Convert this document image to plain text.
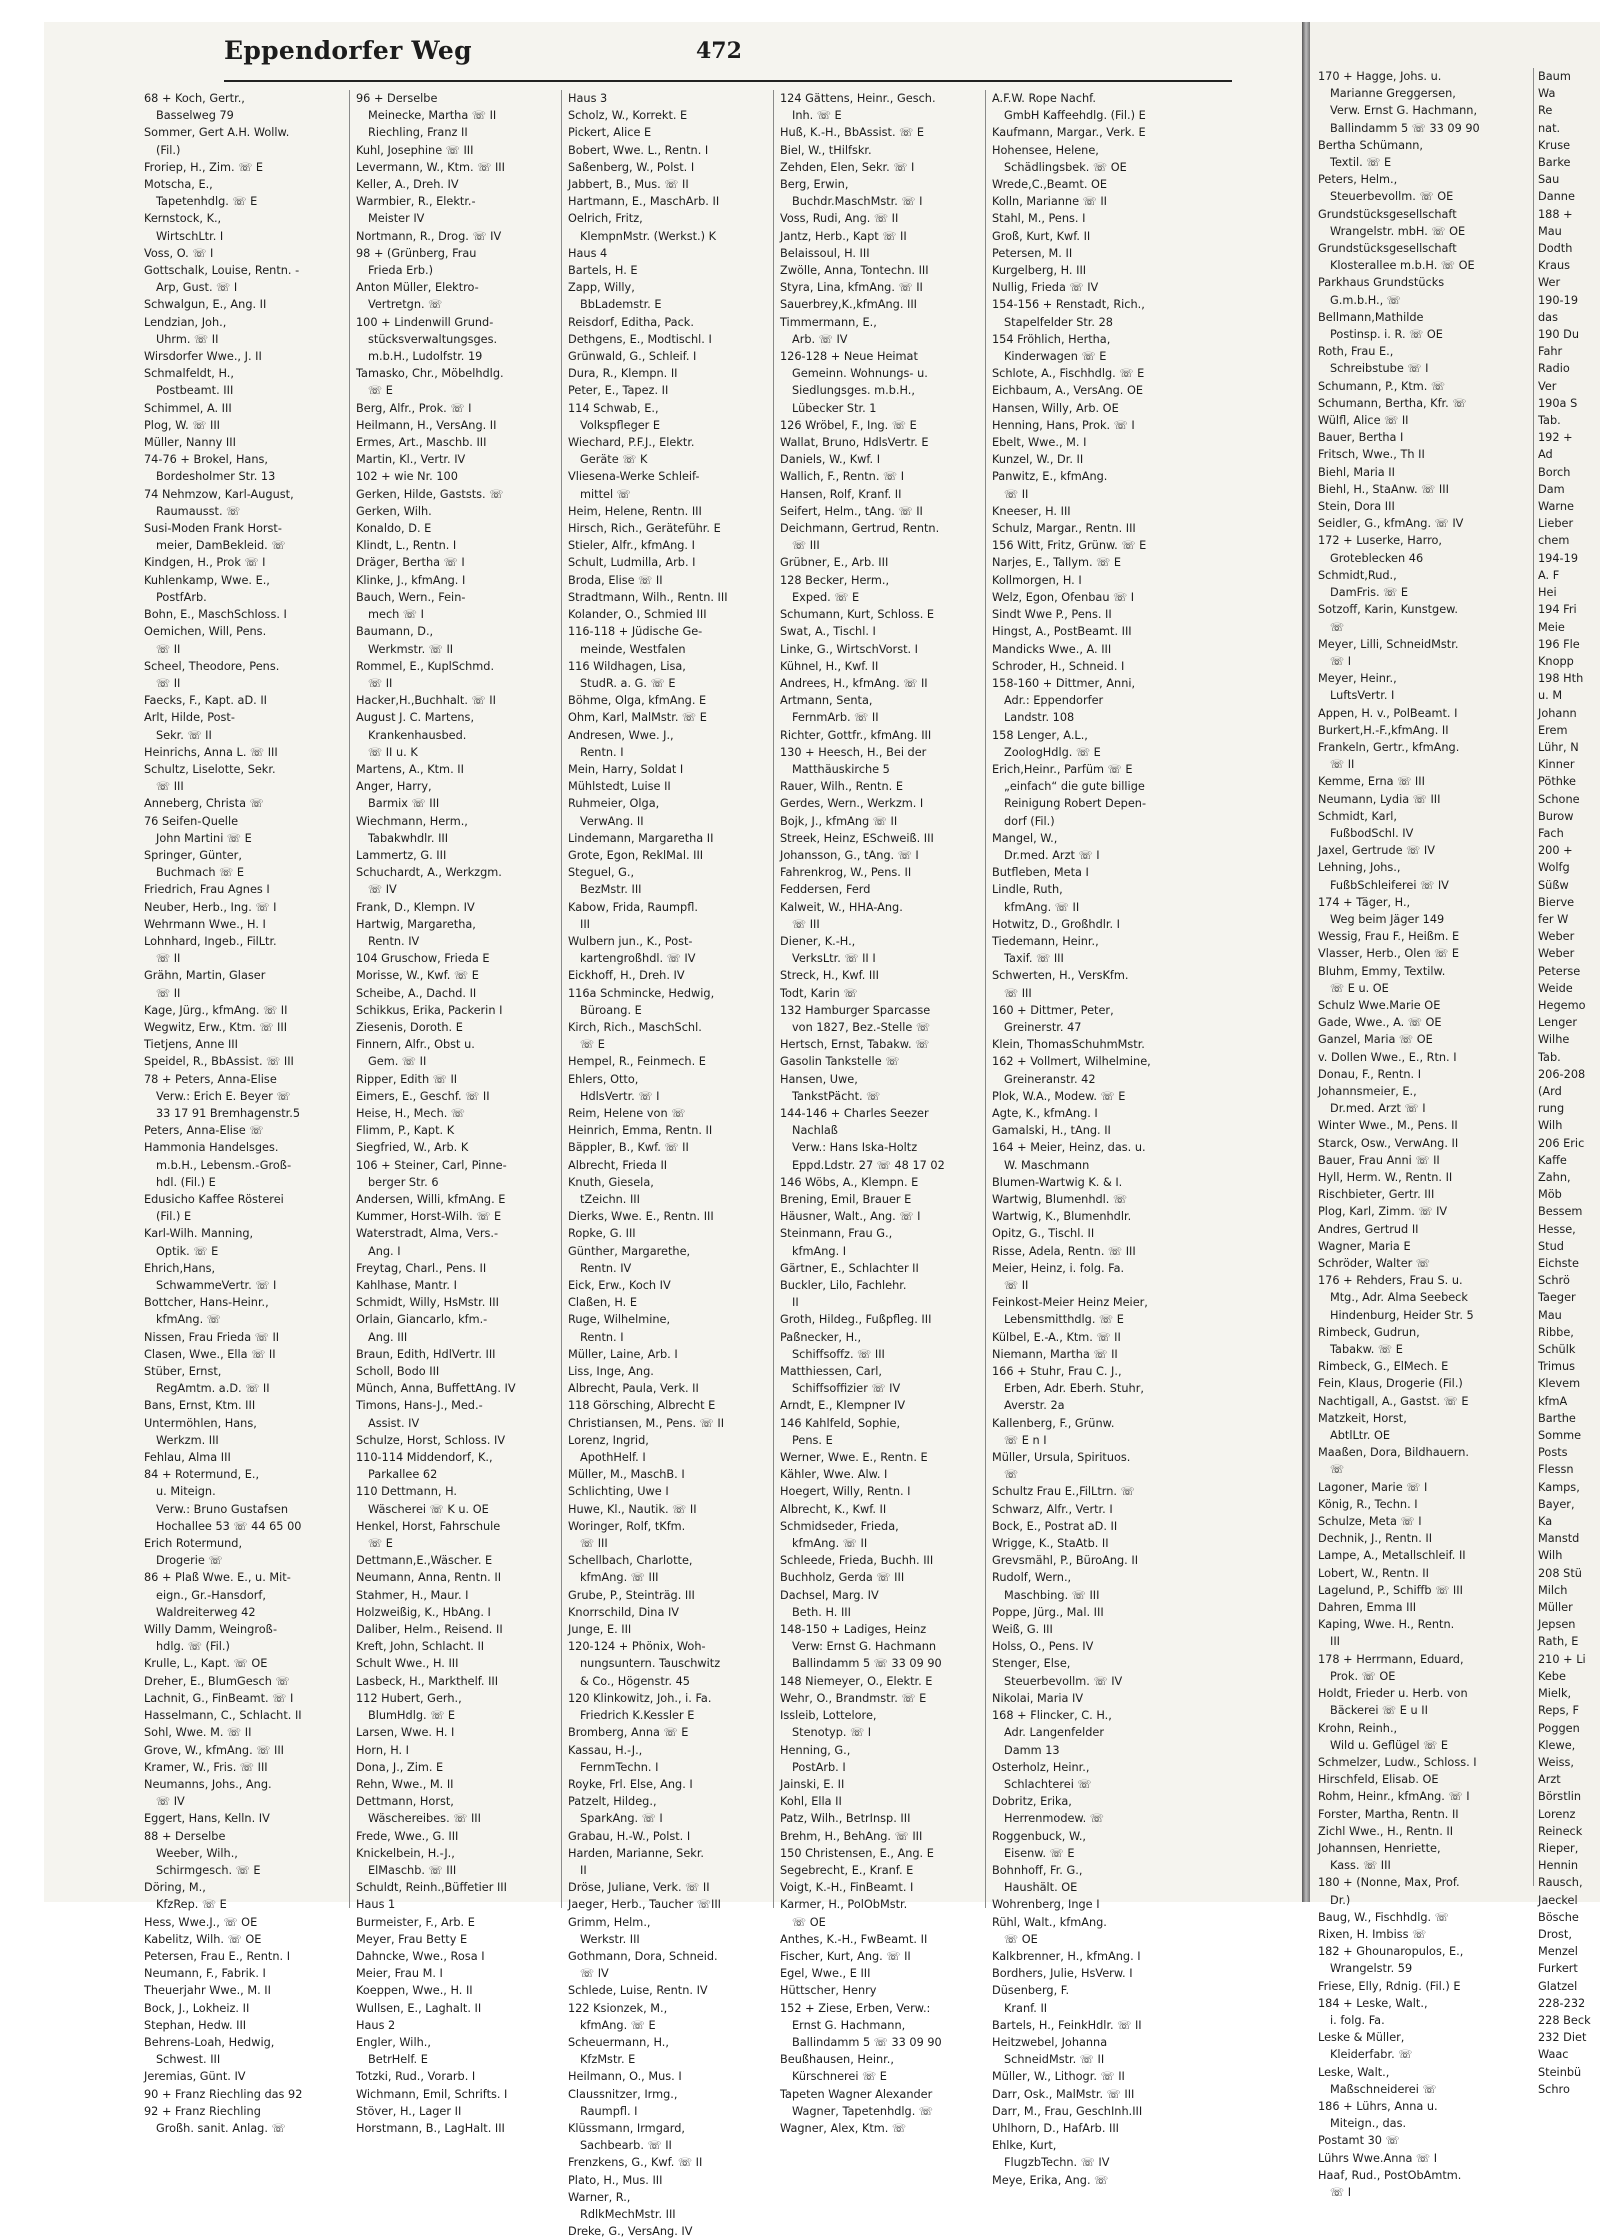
Eppendorfer Weg	472
68 + Koch, Gertr.,
Basselweg 79
Sommer, Gert A.H. Wollw.
(Fil.)
Froriep, H., Zim. ☏ E
Motscha, E.,
Tapetenhdlg. ☏ E
Kernstock, K.,
WirtschLtr. I
Voss, O. ☏ I
Gottschalk, Louise, Rentn. -
Arp, Gust. ☏ I
Schwalgun, E., Ang. II
Lendzian, Joh.,
Uhrm. ☏ II
Wirsdorfer Wwe., J. II
Schmalfeldt, H.,
Postbeamt. III
Schimmel, A. III
Plog, W. ☏ III
Müller, Nanny III
74-76 + Brokel, Hans,
Bordesholmer Str. 13
74 Nehmzow, Karl-August,
Raumausst. ☏
Susi-Moden Frank Horst-
meier, DamBekleid. ☏
Kindgen, H., Prok ☏ I
Kuhlenkamp, Wwe. E.,
PostfArb.
Bohn, E., MaschSchloss. I
Oemichen, Will, Pens.
☏ II
Scheel, Theodore, Pens.
☏ II
Faecks, F., Kapt. aD. II
Arlt, Hilde, Post-
Sekr. ☏ II
Heinrichs, Anna L. ☏ III
Schultz, Liselotte, Sekr.
☏ III
Anneberg, Christa ☏
76 Seifen-Quelle
John Martini ☏ E
Springer, Günter,
Buchmach ☏ E
Friedrich, Frau Agnes I
Neuber, Herb., Ing. ☏ I
Wehrmann Wwe., H. I
Lohnhard, Ingeb., FilLtr.
☏ II
Grähn, Martin, Glaser
☏ II
Kage, Jürg., kfmAng. ☏ II
Wegwitz, Erw., Ktm. ☏ III
Tietjens, Anne III
Speidel, R., BbAssist. ☏ III
78 + Peters, Anna-Elise
Verw.: Erich E. Beyer ☏
33 17 91 Bremhagenstr.5
Peters, Anna-Elise ☏
Hammonia Handelsges.
m.b.H., Lebensm.-Groß-
hdl. (Fil.) E
Edusicho Kaffee Rösterei
(Fil.) E
Karl-Wilh. Manning,
Optik. ☏ E
Ehrich,Hans,
SchwammeVertr. ☏ I
Bottcher, Hans-Heinr.,
kfmAng. ☏
Nissen, Frau Frieda ☏ II
Clasen, Wwe., Ella ☏ II
Stüber, Ernst,
RegAmtm. a.D. ☏ II
Bans, Ernst, Ktm. III
Untermöhlen, Hans,
Werkzm. III
Fehlau, Alma III
84 + Rotermund, E.,
u. Miteign.
Verw.: Bruno Gustafsen
Hochallee 53 ☏ 44 65 00
Erich Rotermund,
Drogerie ☏
86 + Plaß Wwe. E., u. Mit-
eign., Gr.-Hansdorf,
Waldreiterweg 42
Willy Damm, Weingroß-
hdlg. ☏ (Fil.)
Krulle, L., Kapt. ☏ OE
Dreher, E., BlumGesch ☏
Lachnit, G., FinBeamt. ☏ I
Hasselmann, C., Schlacht. II
Sohl, Wwe. M. ☏ II
Grove, W., kfmAng. ☏ III
Kramer, W., Fris. ☏ III
Neumanns, Johs., Ang.
☏ IV
Eggert, Hans, Kelln. IV
88 + Derselbe
Weeber, Wilh.,
Schirmgesch. ☏ E
Döring, M.,
KfzRep. ☏ E
Hess, Wwe.J., ☏ OE
Kabelitz, Wilh. ☏ OE
Petersen, Frau E., Rentn. I
Neumann, F., Fabrik. I
Theuerjahr Wwe., M. II
Bock, J., Lokheiz. II
Stephan, Hedw. III
Behrens-Loah, Hedwig,
Schwest. III
Jeremias, Günt. IV
90 + Franz Riechling das 92
92 + Franz Riechling
Großh. sanit. Anlag. ☏
96 + Derselbe
Meinecke, Martha ☏ II
Riechling, Franz II
Kuhl, Josephine ☏ III
Levermann, W., Ktm. ☏ III
Keller, A., Dreh. IV
Warmbier, R., Elektr.-
Meister IV
Nortmann, R., Drog. ☏ IV
98 + (Grünberg, Frau
Frieda Erb.)
Anton Müller, Elektro-
Vertretgn. ☏
100 + Lindenwill Grund-
stücksverwaltungsges.
m.b.H., Ludolfstr. 19
Tamasko, Chr., Möbelhdlg.
☏ E
Berg, Alfr., Prok. ☏ I
Heilmann, H., VersAng. II
Ermes, Art., Maschb. III
Martin, Kl., Vertr. IV
102 + wie Nr. 100
Gerken, Hilde, Gaststs. ☏
Gerken, Wilh.
Konaldo, D. E
Klindt, L., Rentn. I
Dräger, Bertha ☏ I
Klinke, J., kfmAng. I
Bauch, Wern., Fein-
mech ☏ I
Baumann, D.,
Werkmstr. ☏ II
Rommel, E., KuplSchmd.
☏ II
Hacker,H.,Buchhalt. ☏ II
August J. C. Martens,
Krankenhausbed.
☏ II u. K
Martens, A., Ktm. II
Anger, Harry,
Barmix ☏ III
Wiechmann, Herm.,
Tabakwhdlr. III
Lammertz, G. III
Schuchardt, A., Werkzgm.
☏ IV
Frank, D., Klempn. IV
Hartwig, Margaretha,
Rentn. IV
104 Gruschow, Frieda E
Morisse, W., Kwf. ☏ E
Scheibe, A., Dachd. II
Schikkus, Erika, Packerin I
Ziesenis, Doroth. E
Finnern, Alfr., Obst u.
Gem. ☏ II
Ripper, Edith ☏ II
Eimers, E., Geschf. ☏ II
Heise, H., Mech. ☏
Flimm, P., Kapt. K
Siegfried, W., Arb. K
106 + Steiner, Carl, Pinne-
berger Str. 6
Andersen, Willi, kfmAng. E
Kummer, Horst-Wilh. ☏ E
Waterstradt, Alma, Vers.-
Ang. I
Freytag, Charl., Pens. II
Kahlhase, Mantr. I
Schmidt, Willy, HsMstr. III
Orlain, Giancarlo, kfm.-
Ang. III
Braun, Edith, HdlVertr. III
Scholl, Bodo III
Münch, Anna, BuffettAng. IV
Timons, Hans-J., Med.-
Assist. IV
Schulze, Horst, Schloss. IV
110-114 Middendorf, K.,
Parkallee 62
110 Dettmann, H.
Wäscherei ☏ K u. OE
Henkel, Horst, Fahrschule
☏ E
Dettmann,E.,Wäscher. E
Neumann, Anna, Rentn. II
Stahmer, H., Maur. I
Holzweißig, K., HbAng. I
Daliber, Helm., Reisend. II
Kreft, John, Schlacht. II
Schult Wwe., H. III
Lasbeck, H., Markthelf. III
112 Hubert, Gerh.,
BlumHdlg. ☏ E
Larsen, Wwe. H. I
Horn, H. I
Dona, J., Zim. E
Rehn, Wwe., M. II
Dettmann, Horst,
Wäschereibes. ☏ III
Frede, Wwe., G. III
Knickelbein, H.-J.,
ElMaschb. ☏ III
Schuldt, Reinh.,Büffetier III
Haus 1
Burmeister, F., Arb. E
Meyer, Frau Betty E
Dahncke, Wwe., Rosa I
Meier, Frau M. I
Koeppen, Wwe., H. II
Wullsen, E., Laghalt. II
Haus 2
Engler, Wilh.,
BetrHelf. E
Totzki, Rud., Vorarb. I
Wichmann, Emil, Schrifts. I
Stöver, H., Lager II
Horstmann, B., LagHalt. III
Haus 3
Scholz, W., Korrekt. E
Pickert, Alice E
Bobert, Wwe. L., Rentn. I
Saßenberg, W., Polst. I
Jabbert, B., Mus. ☏ II
Hartmann, E., MaschArb. II
Oelrich, Fritz,
KlempnMstr. (Werkst.) K
Haus 4
Bartels, H. E
Zapp, Willy,
BbLademstr. E
Reisdorf, Editha, Pack.
Dethgens, E., Modtischl. I
Grünwald, G., Schleif. I
Dura, R., Klempn. II
Peter, E., Tapez. II
114 Schwab, E.,
Volkspfleger E
Wiechard, P.F.J., Elektr.
Geräte ☏ K
Vliesena-Werke Schleif-
mittel ☏
Heim, Helene, Rentn. III
Hirsch, Rich., Geräteführ. E
Stieler, Alfr., kfmAng. I
Schult, Ludmilla, Arb. I
Broda, Elise ☏ II
Stradtmann, Wilh., Rentn. III
Kolander, O., Schmied III
116-118 + Jüdische Ge-
meinde, Westfalen
116 Wildhagen, Lisa,
StudR. a. G. ☏ E
Böhme, Olga, kfmAng. E
Ohm, Karl, MalMstr. ☏ E
Andresen, Wwe. J.,
Rentn. I
Mein, Harry, Soldat I
Mühlstedt, Luise II
Ruhmeier, Olga,
VerwAng. II
Lindemann, Margaretha II
Grote, Egon, ReklMal. III
Steguel, G.,
BezMstr. III
Kabow, Frida, Raumpfl.
III
Wulbern jun., K., Post-
kartengroßhdl. ☏ IV
Eickhoff, H., Dreh. IV
116a Schmincke, Hedwig,
Büroang. E
Kirch, Rich., MaschSchl.
☏ E
Hempel, R., Feinmech. E
Ehlers, Otto,
HdlsVertr. ☏ I
Reim, Helene von ☏
Heinrich, Emma, Rentn. II
Bäppler, B., Kwf. ☏ II
Albrecht, Frieda II
Knuth, Giesela,
tZeichn. III
Dierks, Wwe. E., Rentn. III
Ropke, G. III
Günther, Margarethe,
Rentn. IV
Eick, Erw., Koch IV
Claßen, H. E
Ruge, Wilhelmine,
Rentn. I
Müller, Laine, Arb. I
Liss, Inge, Ang.
Albrecht, Paula, Verk. II
118 Görsching, Albrecht E
Christiansen, M., Pens. ☏ II
Lorenz, Ingrid,
ApothHelf. I
Müller, M., MaschB. I
Schlichting, Uwe I
Huwe, Kl., Nautik. ☏ II
Woringer, Rolf, tKfm.
☏ III
Schellbach, Charlotte,
kfmAng. ☏ III
Grube, P., Steinträg. III
Knorrschild, Dina IV
Junge, E. III
120-124 + Phönix, Woh-
nungsuntern. Tauschwitz
& Co., Högenstr. 45
120 Klinkowitz, Joh., i. Fa.
Friedrich K.Kessler E
Bromberg, Anna ☏ E
Kassau, H.-J.,
FernmTechn. I
Royke, Frl. Else, Ang. I
Patzelt, Hildeg.,
SparkAng. ☏ I
Grabau, H.-W., Polst. I
Harden, Marianne, Sekr.
II
Dröse, Juliane, Verk. ☏ II
Jaeger, Herb., Taucher ☏III
Grimm, Helm.,
Werkstr. III
Gothmann, Dora, Schneid.
☏ IV
Schlede, Luise, Rentn. IV
122 Ksionzek, M.,
kfmAng. ☏ E
Scheuermann, H.,
KfzMstr. E
Heilmann, O., Mus. I
Claussnitzer, Irmg.,
Raumpfl. I
Klüssmann, Irmgard,
Sachbearb. ☏ II
Frenzkens, G., Kwf. ☏ II
Plato, H., Mus. III
Warner, R.,
RdlkMechMstr. III
Dreke, G., VersAng. IV
124 Gättens, Heinr., Gesch.
Inh. ☏ E
Huß, K.-H., BbAssist. ☏ E
Biel, W., tHilfskr.
Zehden, Elen, Sekr. ☏ I
Berg, Erwin,
Buchdr.MaschMstr. ☏ I
Voss, Rudi, Ang. ☏ II
Jantz, Herb., Kapt ☏ II
Belaissoul, H. III
Zwölle, Anna, Tontechn. III
Styra, Lina, kfmAng. ☏ II
Sauerbrey,K.,kfmAng. III
Timmermann, E.,
Arb. ☏ IV
126-128 + Neue Heimat
Gemeinn. Wohnungs- u.
Siedlungsges. m.b.H.,
Lübecker Str. 1
126 Wröbel, F., Ing. ☏ E
Wallat, Bruno, HdlsVertr. E
Daniels, W., Kwf. I
Wallich, F., Rentn. ☏ I
Hansen, Rolf, Kranf. II
Seifert, Helm., tAng. ☏ II
Deichmann, Gertrud, Rentn.
☏ III
Grübner, E., Arb. III
128 Becker, Herm.,
Exped. ☏ E
Schumann, Kurt, Schloss. E
Swat, A., Tischl. I
Linke, G., WirtschVorst. I
Kühnel, H., Kwf. II
Andrees, H., kfmAng. ☏ II
Artmann, Senta,
FernmArb. ☏ II
Richter, Gottfr., kfmAng. III
130 + Heesch, H., Bei der
Matthäuskirche 5
Rauer, Wilh., Rentn. E
Gerdes, Wern., Werkzm. I
Bojk, J., kfmAng ☏ II
Streek, Heinz, ESchweiß. III
Johansson, G., tAng. ☏ I
Fahrenkrog, W., Pens. II
Feddersen, Ferd
Kalweit, W., HHA-Ang.
☏ III
Diener, K.-H.,
VerksLtr. ☏ II I
Streck, H., Kwf. III
Todt, Karin ☏
132 Hamburger Sparcasse
von 1827, Bez.-Stelle ☏
Hertsch, Ernst, Tabakw. ☏
Gasolin Tankstelle ☏
Hansen, Uwe,
TankstPächt. ☏
144-146 + Charles Seezer
Nachlaß
Verw.: Hans Iska-Holtz
Eppd.Ldstr. 27 ☏ 48 17 02
146 Wöbs, A., Klempn. E
Brening, Emil, Brauer E
Häusner, Walt., Ang. ☏ I
Steinmann, Frau G.,
kfmAng. I
Gärtner, E., Schlachter II
Buckler, Lilo, Fachlehr.
II
Groth, Hildeg., Fußpfleg. III
Paßnecker, H.,
Schiffsoffz. ☏ III
Matthiessen, Carl,
Schiffsoffizier ☏ IV
Arndt, E., Klempner IV
146 Kahlfeld, Sophie,
Pens. E
Werner, Wwe. E., Rentn. E
Kähler, Wwe. Alw. I
Hoegert, Willy, Rentn. I
Albrecht, K., Kwf. II
Schmidseder, Frieda,
kfmAng. ☏ II
Schleede, Frieda, Buchh. III
Buchholz, Gerda ☏ III
Dachsel, Marg. IV
Beth. H. III
148-150 + Ladiges, Heinz
Verw: Ernst G. Hachmann
Ballindamm 5 ☏ 33 09 90
148 Niemeyer, O., Elektr. E
Wehr, O., Brandmstr. ☏ E
Issleib, Lottelore,
Stenotyp. ☏ I
Henning, G.,
PostArb. I
Jainski, E. II
Kohl, Ella II
Patz, Wilh., BetrInsp. III
Brehm, H., BehAng. ☏ III
150 Christensen, E., Ang. E
Segebrecht, E., Kranf. E
Voigt, K.-H., FinBeamt. I
Karmer, H., PolObMstr.
☏ OE
Anthes, K.-H., FwBeamt. II
Fischer, Kurt, Ang. ☏ II
Egel, Wwe., E III
Hüttscher, Henry
152 + Ziese, Erben, Verw.:
Ernst G. Hachmann,
Ballindamm 5 ☏ 33 09 90
Beußhausen, Heinr.,
Kürschnerei ☏ E
Tapeten Wagner Alexander
Wagner, Tapetenhdlg. ☏
Wagner, Alex, Ktm. ☏
A.F.W. Rope Nachf.
GmbH Kaffeehdlg. (Fil.) E
Kaufmann, Margar., Verk. E
Hohensee, Helene,
Schädlingsbek. ☏ OE
Wrede,C.,Beamt. OE
Kolln, Marianne ☏ II
Stahl, M., Pens. I
Groß, Kurt, Kwf. II
Petersen, M. II
Kurgelberg, H. III
Nullig, Frieda ☏ IV
154-156 + Renstadt, Rich.,
Stapelfelder Str. 28
154 Fröhlich, Hertha,
Kinderwagen ☏ E
Schlote, A., Fischhdlg. ☏ E
Eichbaum, A., VersAng. OE
Hansen, Willy, Arb. OE
Henning, Hans, Prok. ☏ I
Ebelt, Wwe., M. I
Kunzel, W., Dr. II
Panwitz, E., kfmAng.
☏ II
Kneeser, H. III
Schulz, Margar., Rentn. III
156 Witt, Fritz, Grünw. ☏ E
Narjes, E., Tallym. ☏ E
Kollmorgen, H. I
Welz, Egon, Ofenbau ☏ I
Sindt Wwe P., Pens. II
Hingst, A., PostBeamt. III
Mandicks Wwe., A. III
Schroder, H., Schneid. I
158-160 + Dittmer, Anni,
Adr.: Eppendorfer
Landstr. 108
158 Lenger, A.L.,
ZoologHdlg. ☏ E
Erich,Heinr., Parfüm ☏ E
„einfach“ die gute billige
Reinigung Robert Depen-
dorf (Fil.)
Mangel, W.,
Dr.med. Arzt ☏ I
Butfleben, Meta I
Lindle, Ruth,
kfmAng. ☏ II
Hotwitz, D., Großhdlr. I
Tiedemann, Heinr.,
Taxif. ☏ III
Schwerten, H., VersKfm.
☏ III
160 + Dittmer, Peter,
Greinerstr. 47
Klein, ThomasSchuhmMstr.
162 + Vollmert, Wilhelmine,
Greineranstr. 42
Plok, W.A., Modew. ☏ E
Agte, K., kfmAng. I
Gamalski, H., tAng. II
164 + Meier, Heinz, das. u.
W. Maschmann
Blumen-Wartwig K. & I.
Wartwig, Blumenhdl. ☏
Wartwig, K., Blumenhdlr.
Opitz, G., Tischl. II
Risse, Adela, Rentn. ☏ III
Meier, Heinz, i. folg. Fa.
☏ II
Feinkost-Meier Heinz Meier,
Lebensmitthdlg. ☏ E
Külbel, E.-A., Ktm. ☏ II
Niemann, Martha ☏ II
166 + Stuhr, Frau C. J.,
Erben, Adr. Eberh. Stuhr,
Averstr. 2a
Kallenberg, F., Grünw.
☏ E n I
Müller, Ursula, Spirituos.
☏
Schultz Frau E.,FilLtrn. ☏
Schwarz, Alfr., Vertr. I
Bock, E., Postrat aD. II
Wrigge, K., StaAtb. II
Grevsmähl, P., BüroAng. II
Rudolf, Wern.,
Maschbing. ☏ III
Poppe, Jürg., Mal. III
Weiß, G. III
Holss, O., Pens. IV
Stenger, Else,
Steuerbevollm. ☏ IV
Nikolai, Maria IV
168 + Flincker, C. H.,
Adr. Langenfelder
Damm 13
Osterholz, Heinr.,
Schlachterei ☏
Dobritz, Erika,
Herrenmodew. ☏
Roggenbuck, W.,
Eisenw. ☏ E
Bohnhoff, Fr. G.,
Haushält. OE
Wohrenberg, Inge I
Rühl, Walt., kfmAng.
☏ OE
Kalkbrenner, H., kfmAng. I
Bordhers, Julie, HsVerw. I
Düsenberg, F.
Kranf. II
Bartels, H., FeinkHdlr. ☏ II
Heitzwebel, Johanna
SchneidMstr. ☏ II
Müller, W., Lithogr. ☏ II
Darr, Osk., MalMstr. ☏ III
Darr, M., Frau, GeschInh.III
Uhlhorn, D., HafArb. III
Ehlke, Kurt,
FlugzbTechn. ☏ IV
Meye, Erika, Ang. ☏
170 + Hagge, Johs. u.
Marianne Greggersen,
Verw. Ernst G. Hachmann,
Ballindamm 5 ☏ 33 09 90
Bertha Schümann,
Textil. ☏ E
Peters, Helm.,
Steuerbevollm. ☏ OE
Grundstücksgesellschaft
Wrangelstr. mbH. ☏ OE
Grundstücksgesellschaft
Klosterallee m.b.H. ☏ OE
Parkhaus Grundstücks
G.m.b.H., ☏
Bellmann,Mathilde
Postinsp. i. R. ☏ OE
Roth, Frau E.,
Schreibstube ☏ I
Schumann, P., Ktm. ☏
Schumann, Bertha, Kfr. ☏
Wülfl, Alice ☏ II
Bauer, Bertha I
Fritsch, Wwe., Th II
Biehl, Maria II
Biehl, H., StaAnw. ☏ III
Stein, Dora III
Seidler, G., kfmAng. ☏ IV
172 + Luserke, Harro,
Groteblecken 46
Schmidt,Rud.,
DamFris. ☏ E
Sotzoff, Karin, Kunstgew.
☏
Meyer, Lilli, SchneidMstr.
☏ I
Meyer, Heinr.,
LuftsVertr. I
Appen, H. v., PolBeamt. I
Burkert,H.-F.,kfmAng. II
Frankeln, Gertr., kfmAng.
☏ II
Kemme, Erna ☏ III
Neumann, Lydia ☏ III
Schmidt, Karl,
FußbodSchl. IV
Jaxel, Gertrude ☏ IV
Lehning, Johs.,
FußbSchleiferei ☏ IV
174 + Täger, H.,
Weg beim Jäger 149
Wessig, Frau F., Heißm. E
Vlasser, Herb., Olen ☏ E
Bluhm, Emmy, Textilw.
☏ E u. OE
Schulz Wwe.Marie OE
Gade, Wwe., A. ☏ OE
Ganzel, Maria ☏ OE
v. Dollen Wwe., E., Rtn. I
Donau, F., Rentn. I
Johannsmeier, E.,
Dr.med. Arzt ☏ I
Winter Wwe., M., Pens. II
Starck, Osw., VerwAng. II
Bauer, Frau Anni ☏ II
Hyll, Herm. W., Rentn. II
Rischbieter, Gertr. III
Plog, Karl, Zimm. ☏ IV
Andres, Gertrud II
Wagner, Maria E
Schröder, Walter ☏
176 + Rehders, Frau S. u.
Mtg., Adr. Alma Seebeck
Hindenburg, Heider Str. 5
Rimbeck, Gudrun,
Tabakw. ☏ E
Rimbeck, G., ElMech. E
Fein, Klaus, Drogerie (Fil.)
Nachtigall, A., Gastst. ☏ E
Matzkeit, Horst,
AbtlLtr. OE
Maaßen, Dora, Bildhauern.
☏
Lagoner, Marie ☏ I
König, R., Techn. I
Schulze, Meta ☏ I
Dechnik, J., Rentn. II
Lampe, A., Metallschleif. II
Lobert, W., Rentn. II
Lagelund, P., Schiffb ☏ III
Dahren, Emma III
Kaping, Wwe. H., Rentn.
III
178 + Herrmann, Eduard,
Prok. ☏ OE
Holdt, Frieder u. Herb. von
Bäckerei ☏ E u II
Krohn, Reinh.,
Wild u. Geflügel ☏ E
Schmelzer, Ludw., Schloss. I
Hirschfeld, Elisab. OE
Rohm, Heinr., kfmAng. ☏ I
Forster, Martha, Rentn. II
Zichl Wwe., H., Rentn. II
Johannsen, Henriette,
Kass. ☏ III
180 + (Nonne, Max, Prof.
Dr.)
Baug, W., Fischhdlg. ☏
Rixen, H. Imbiss ☏
182 + Ghounaropulos, E.,
Wrangelstr. 59
Friese, Elly, Rdnig. (Fil.) E
184 + Leske, Walt.,
i. folg. Fa.
Leske & Müller,
Kleiderfabr. ☏
Leske, Walt.,
Maßschneiderei ☏
186 + Lührs, Anna u.
Miteign., das.
Postamt 30 ☏
Lührs Wwe.Anna ☏ I
Haaf, Rud., PostObAmtm.
☏ I
Baum
Wa
Re
nat.
Kruse
Barke
Sau
Danne
188 +
Mau
Dodth
Kraus
Wer
190-19
das
190 Du
Fahr
Radio
Ver
190a S
Tab.
192 +
Ad
Borch
Dam
Warne
Lieber
chem
194-19
A. F
Hei
194 Fri
Meie
196 Fle
Knopp
198 Hth
u. M
Johann
Erem
Lühr, N
Kinner
Pöthke
Schone
Burow
Fach
200 +
Wolfg
Süßw
Bierve
fer W
Weber
Weber
Peterse
Weide
Hegemo
Lenger
Wilhe
Tab.
206-208
(Ard
rung
Wilh
206 Eric
Kaffe
Zahn,
Möb
Bessem
Hesse,
Stud
Eichste
Schrö
Taeger
Mau
Ribbe,
Schülk
Trimus
Klevem
kfmA
Barthe
Somme
Posts
Flessn
Kamps,
Bayer,
Ka
Manstd
Wilh
208 Stü
Milch
Müller
Jepsen
Rath, E
210 + Li
Kebe
Mielk,
Reps, F
Poggen
Klewe,
Weiss,
Arzt
Börstlin
Lorenz
Reineck
Rieper,
Hennin
Rausch,
Jaeckel
Bösche
Drost,
Menzel
Furkert
Glatzel
228-232
228 Beck
232 Diet
Waac
Steinbü
Schro
